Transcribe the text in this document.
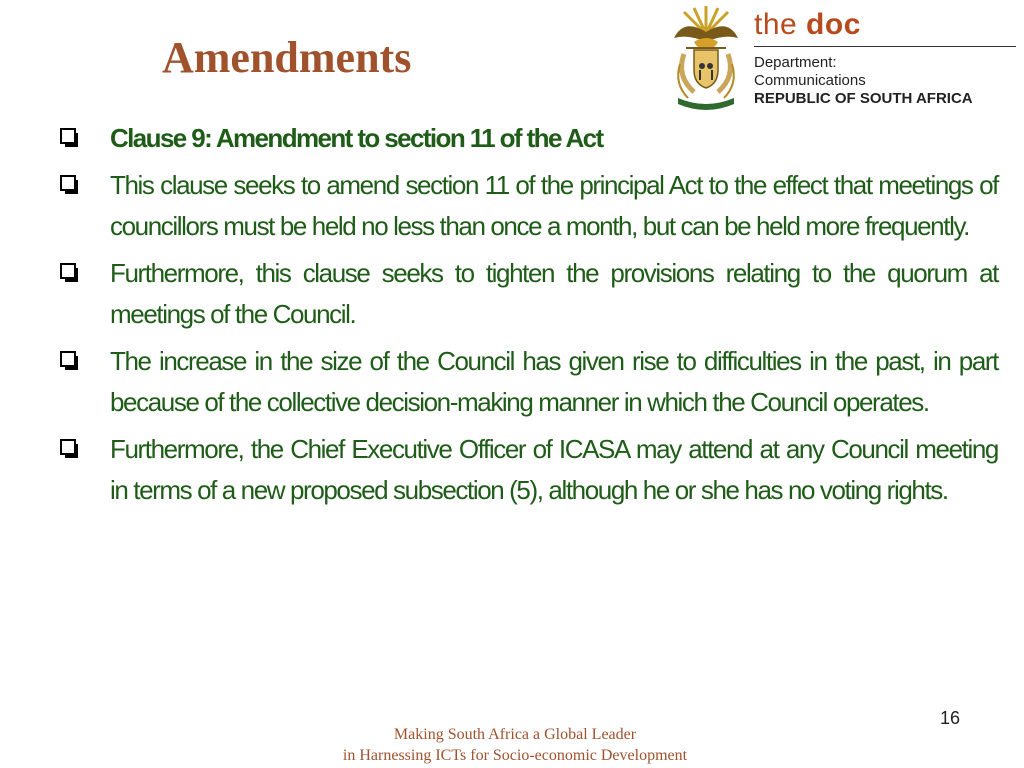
Amendments
the doc
Department:
Communications
REPUBLIC OF SOUTH AFRICA
Clause 9: Amendment to section 11 of the Act
This clause seeks to amend section 11 of the principal Act to the effect that meetings of councillors must be held no less than once a month, but can be held more frequently.
Furthermore, this clause seeks to tighten the provisions relating to the quorum at meetings of the Council.
The increase in the size of the Council has given rise to difficulties in the past, in part because of the collective decision-making manner in which the Council operates.
Furthermore, the Chief Executive Officer of ICASA may attend at any Council meeting in terms of a new proposed subsection (5), although he or she has no voting rights.
16
Making South Africa a Global Leader
in Harnessing ICTs for Socio-economic Development
